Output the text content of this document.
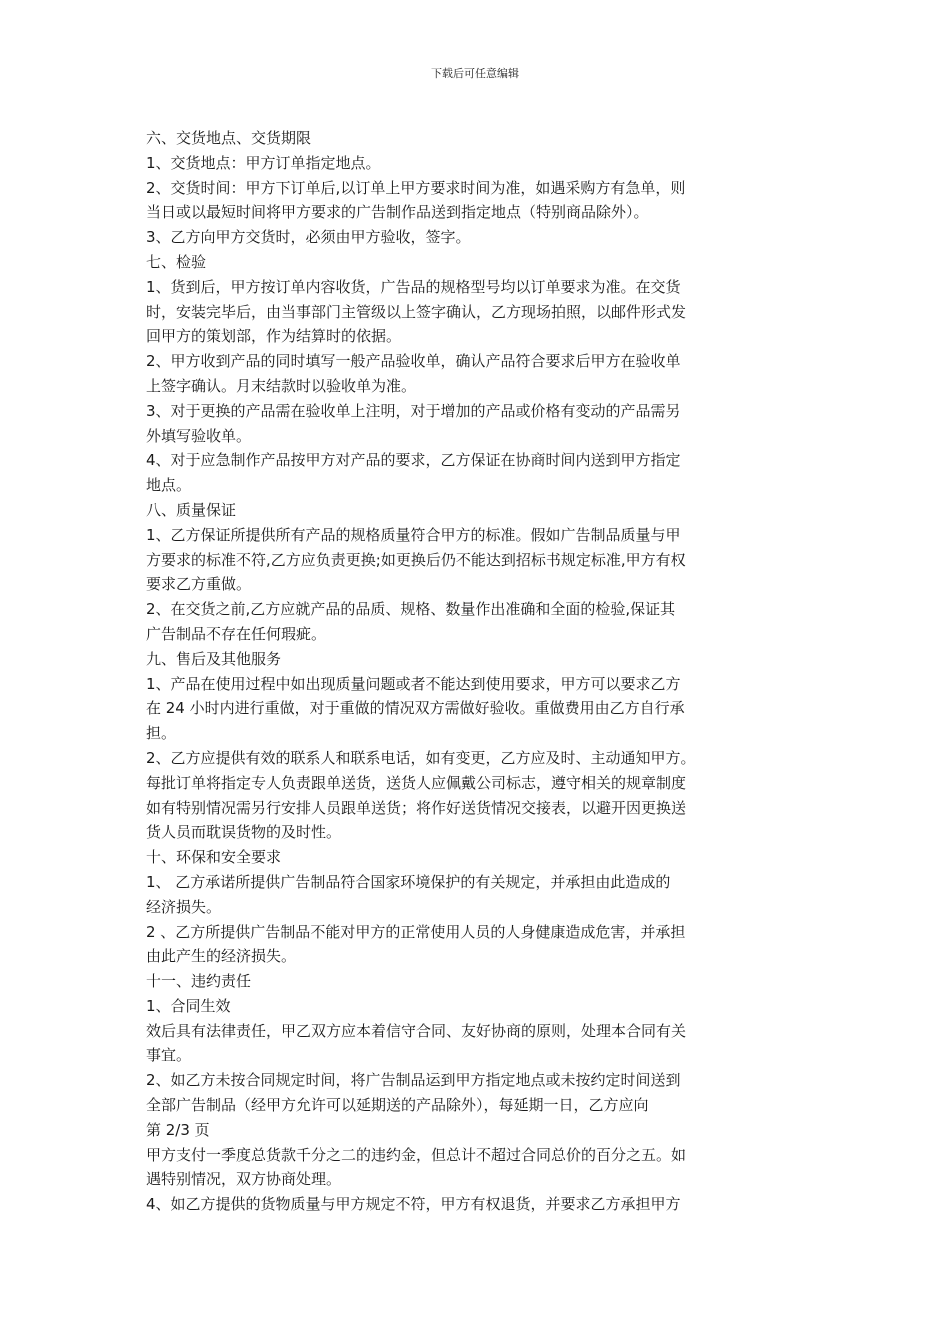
下载后可任意编辑
六、交货地点、交货期限
1、交货地点：甲方订单指定地点。
2、交货时间：甲方下订单后,以订单上甲方要求时间为准，如遇采购方有急单，则
当日或以最短时间将甲方要求的广告制作品送到指定地点（特别商品除外）。
3、乙方向甲方交货时，必须由甲方验收，签字。
七、检验
1、货到后，甲方按订单内容收货，广告品的规格型号均以订单要求为准。在交货
时，安装完毕后，由当事部门主管级以上签字确认，乙方现场拍照，以邮件形式发
回甲方的策划部，作为结算时的依据。
2、甲方收到产品的同时填写一般产品验收单，确认产品符合要求后甲方在验收单
上签字确认。月末结款时以验收单为准。
3、对于更换的产品需在验收单上注明，对于增加的产品或价格有变动的产品需另
外填写验收单。
4、对于应急制作产品按甲方对产品的要求，乙方保证在协商时间内送到甲方指定
地点。
八、质量保证
1、乙方保证所提供所有产品的规格质量符合甲方的标准。假如广告制品质量与甲
方要求的标准不符,乙方应负责更换;如更换后仍不能达到招标书规定标准,甲方有权
要求乙方重做。
2、在交货之前,乙方应就产品的品质、规格、数量作出准确和全面的检验,保证其
广告制品不存在任何瑕疵。
九、售后及其他服务
1、产品在使用过程中如出现质量问题或者不能达到使用要求，甲方可以要求乙方
在 24 小时内进行重做，对于重做的情况双方需做好验收。重做费用由乙方自行承
担。
2、乙方应提供有效的联系人和联系电话，如有变更，乙方应及时、主动通知甲方。
每批订单将指定专人负责跟单送货，送货人应佩戴公司标志，遵守相关的规章制度
如有特别情况需另行安排人员跟单送货；将作好送货情况交接表，以避开因更换送
货人员而耽误货物的及时性。
十、环保和安全要求
1、 乙方承诺所提供广告制品符合国家环境保护的有关规定，并承担由此造成的
经济损失。
2 、乙方所提供广告制品不能对甲方的正常使用人员的人身健康造成危害，并承担
由此产生的经济损失。
十一、违约责任
1、合同生效
效后具有法律责任，甲乙双方应本着信守合同、友好协商的原则，处理本合同有关
事宜。
2、如乙方未按合同规定时间，将广告制品运到甲方指定地点或未按约定时间送到
全部广告制品（经甲方允许可以延期送的产品除外），每延期一日，乙方应向
第 2/3 页
甲方支付一季度总货款千分之二的违约金，但总计不超过合同总价的百分之五。如
遇特别情况，双方协商处理。
4、如乙方提供的货物质量与甲方规定不符，甲方有权退货，并要求乙方承担甲方
